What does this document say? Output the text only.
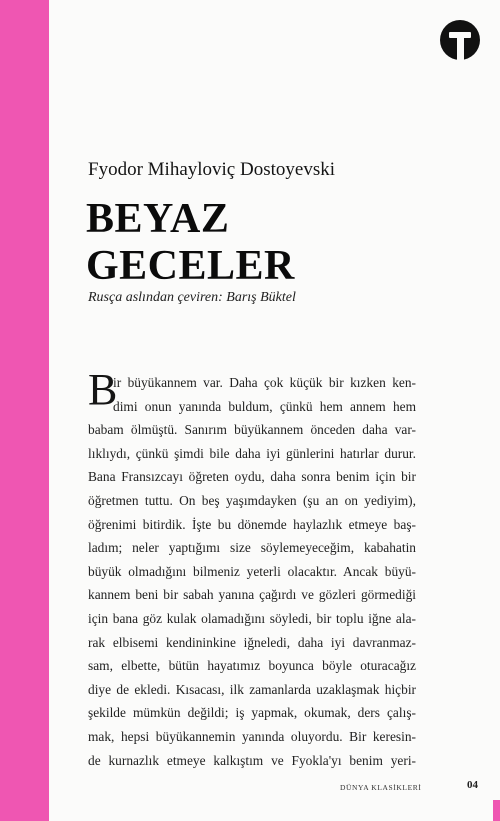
Fyodor Mihayloviç Dostoyevski
BEYAZ
GECELER
Rusça aslından çeviren: Barış Büktel
B
ir büyükannem var. Daha çok küçük bir kızken ken-
dimi onun yanında buldum, çünkü hem annem hem
babam ölmüştü. Sanırım büyükannem önceden daha var-
lıklıydı, çünkü şimdi bile daha iyi günlerini hatırlar durur.
Bana Fransızcayı öğreten oydu, daha sonra benim için bir
öğretmen tuttu. On beş yaşımdayken (şu an on yediyim),
öğrenimi bitirdik. İşte bu dönemde haylazlık etmeye baş-
ladım; neler yaptığımı size söylemeyeceğim, kabahatin
büyük olmadığını bilmeniz yeterli olacaktır. Ancak büyü-
kannem beni bir sabah yanına çağırdı ve gözleri görmediği
için bana göz kulak olamadığını söyledi, bir toplu iğne ala-
rak elbisemi kendininkine iğneledi, daha iyi davranmaz-
sam, elbette, bütün hayatımız boyunca böyle oturacağız
diye de ekledi. Kısacası, ilk zamanlarda uzaklaşmak hiçbir
şekilde mümkün değildi; iş yapmak, okumak, ders çalış-
mak, hepsi büyükannemin yanında oluyordu. Bir keresin-
de kurnazlık etmeye kalkıştım ve Fyokla'yı benim yeri-
DÜNYA KLASİKLERİ	04
